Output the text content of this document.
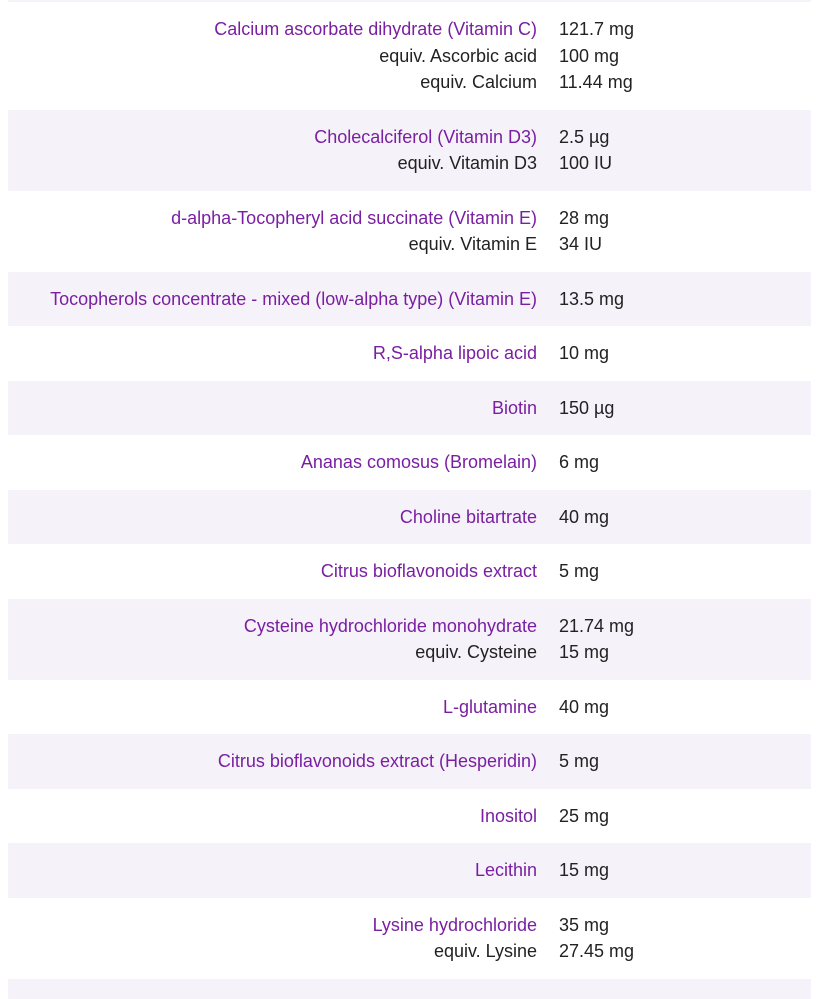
Calcium ascorbate dihydrate (Vitamin C)
equiv. Ascorbic acid
equiv. Calcium
121.7 mg
100 mg
11.44 mg
Cholecalciferol (Vitamin D3)
equiv. Vitamin D3
2.5 µg
100 IU
d-alpha-Tocopheryl acid succinate (Vitamin E)
equiv. Vitamin E
28 mg
34 IU
Tocopherols concentrate - mixed (low-alpha type) (Vitamin E) 13.5 mg
R,S-alpha lipoic acid 10 mg
Biotin 150 µg
Ananas comosus (Bromelain) 6 mg
Choline bitartrate 40 mg
Citrus bioflavonoids extract 5 mg
Cysteine hydrochloride monohydrate
equiv. Cysteine
21.74 mg
15 mg
L-glutamine 40 mg
Citrus bioflavonoids extract (Hesperidin) 5 mg
Inositol 25 mg
Lecithin 15 mg
Lysine hydrochloride
equiv. Lysine
35 mg
27.45 mg
